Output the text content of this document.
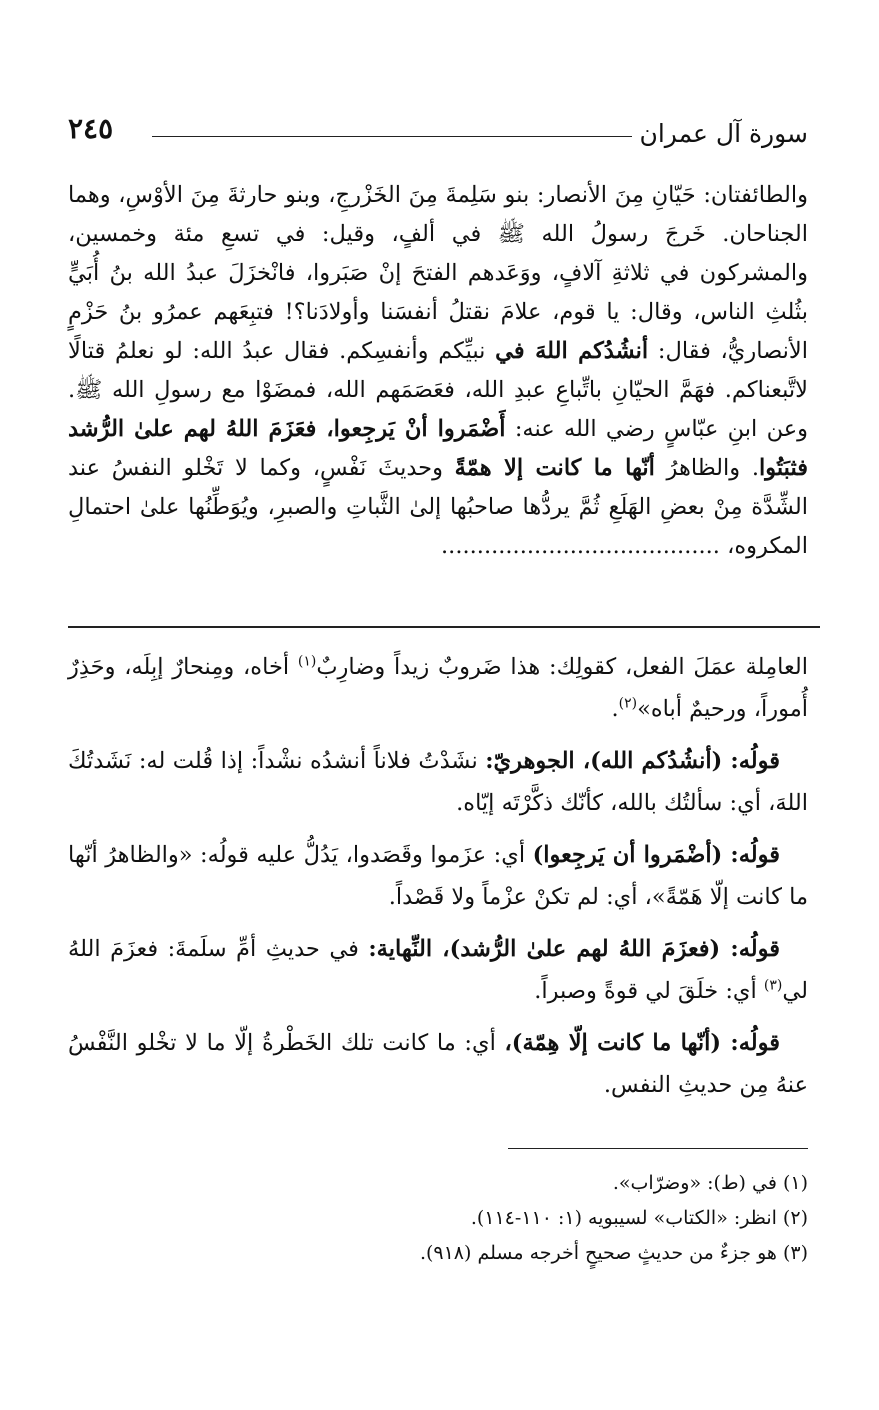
سورة آل عمران
٢٤٥

والطائفتان: حَيّانِ مِنَ الأنصار: بنو سَلِمةَ مِنَ الخَزْرجِ، وبنو حارثةَ مِنَ الأوْسِ، وهما الجناحان. خَرجَ رسولُ الله ﷺ في ألفٍ، وقيل: في تسعِ مئة وخمسين، والمشركون في ثلاثةِ آلافٍ، ووَعَدهم الفتحَ إنْ صَبَروا، فانْخزَلَ عبدُ الله بنُ أُبَيٍّ بثُلثِ الناس، وقال: يا قوم، علامَ نقتلُ أنفسَنا وأولادَنا؟! فتبِعَهم عمرُو بنُ حَزْمٍ الأنصاريُّ، فقال: أنشُدُكم اللهَ في نبيِّكم وأنفسِكم. فقال عبدُ الله: لو نعلمُ قتالًا لاتَّبعناكم. فهَمَّ الحيّانِ باتِّباعِ عبدِ الله، فعَصَمَهم الله، فمضَوْا مع رسولِ الله ﷺ. وعن ابنِ عبّاسٍ رضي الله عنه: أَضْمَروا أنْ يَرجِعوا، فعَزَمَ اللهُ لهم علىٰ الرُّشد فثبَتُوا. والظاهرُ أنّها ما كانت إلا همّةً وحديثَ نَفْسٍ، وكما لا تَخْلو النفسُ عند الشِّدَّة مِنْ بعضِ الهَلَعِ ثُمَّ يردُّها صاحبُها إلىٰ الثَّباتِ والصبرِ، ويُوَطِّنُها علىٰ احتمالِ المكروه، .......................................

العامِلة عمَلَ الفعل، كقولِك: هذا ضَروبٌ زيداً وضارِبٌ$^{(١)}$ أخاه، ومِنحارٌ إبِلَه، وحَذِرٌ أُموراً، ورحيمٌ أباه»$^{(٢)}$.

قولُه: (أنشُدُكم الله)، الجوهريّ: نشَدْتُ فلاناً أنشدُه نشْداً: إذا قُلت له: نَشَدتُكَ اللهَ، أي: سألتُك بالله، كأنّك ذكَّرْتَه إيّاه.

قولُه: (أضْمَروا أن يَرجِعوا) أي: عزَموا وقَصَدوا، يَدُلُّ عليه قولُه: «والظاهرُ أنّها ما كانت إلّا هَمّةً»، أي: لم تكنْ عزْماً ولا قَصْداً.

قولُه: (فعزَمَ اللهُ لهم علىٰ الرُّشد)، النِّهاية: في حديثِ أمِّ سلَمةَ: فعزَمَ اللهُ لي$^{(٣)}$ أي: خلَقَ لي قوةً وصبراً.

قولُه: (أنّها ما كانت إلّا هِمّة)، أي: ما كانت تلك الخَطْرةُ إلّا ما لا تخْلو النَّفْسُ عنهُ مِن حديثِ النفس.

(١) في (ط): «وضرّاب».
(٢) انظر: «الكتاب» لسيبويه (١: ١١٠-١١٤).
(٣) هو جزءٌ من حديثٍ صحيحٍ أخرجه مسلم (٩١٨).
